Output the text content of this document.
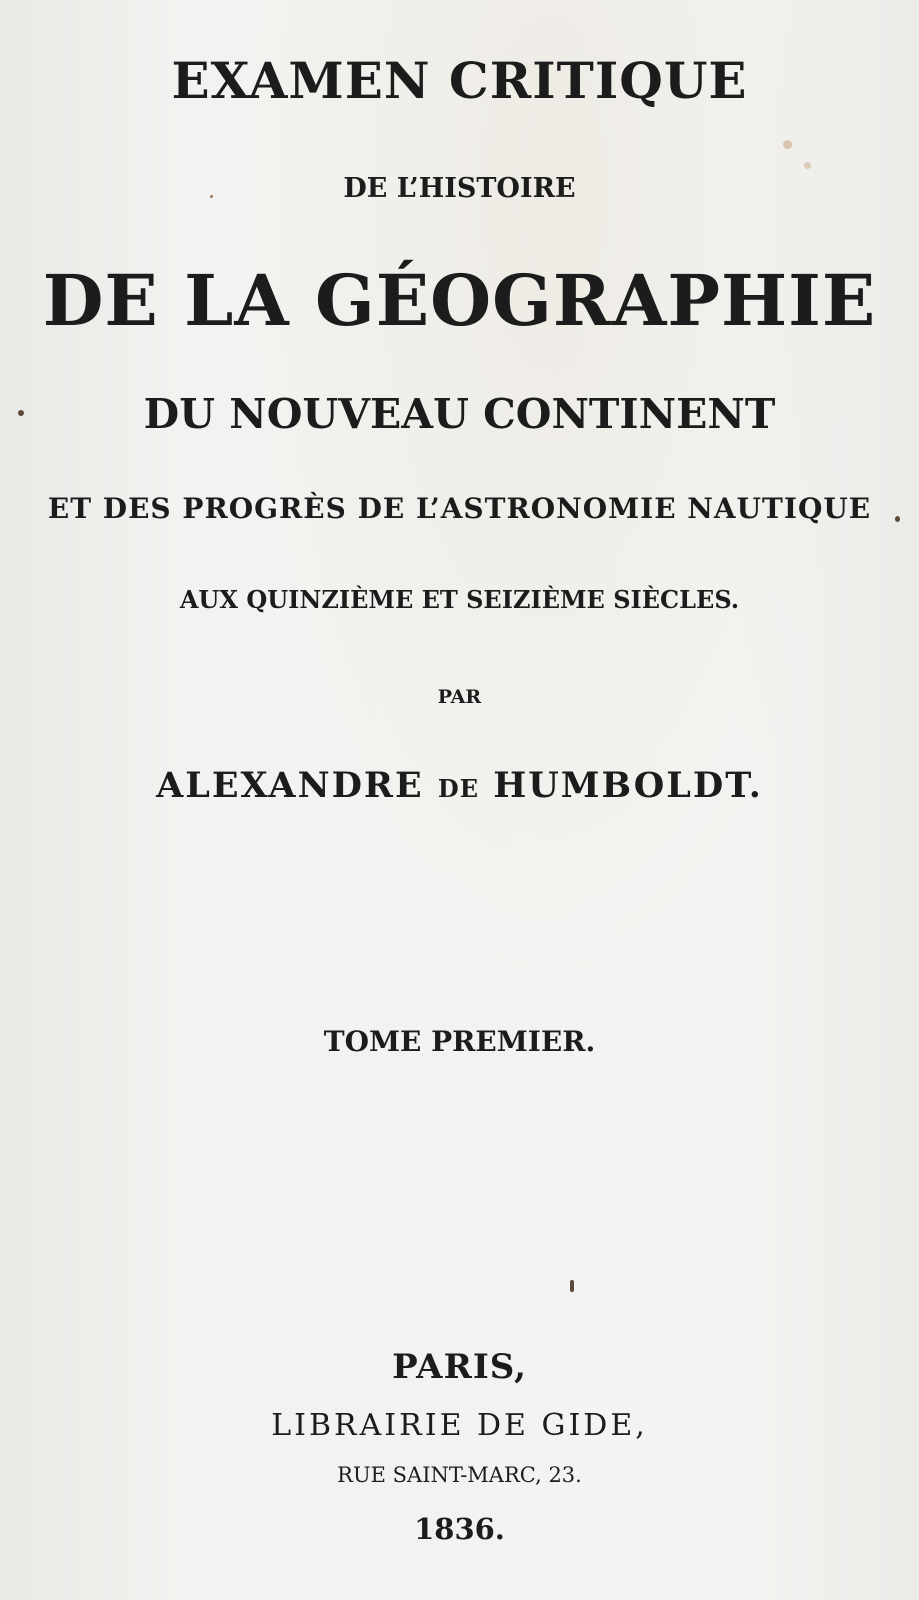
EXAMEN CRITIQUE
DE L’HISTOIRE
DE LA GÉOGRAPHIE
DU NOUVEAU CONTINENT
ET DES PROGRÈS DE L’ASTRONOMIE NAUTIQUE
AUX QUINZIÈME ET SEIZIÈME SIÈCLES.
PAR
ALEXANDRE DE HUMBOLDT.
TOME PREMIER.
PARIS,
LIBRAIRIE DE GIDE,
RUE SAINT-MARC, 23.
1836.
